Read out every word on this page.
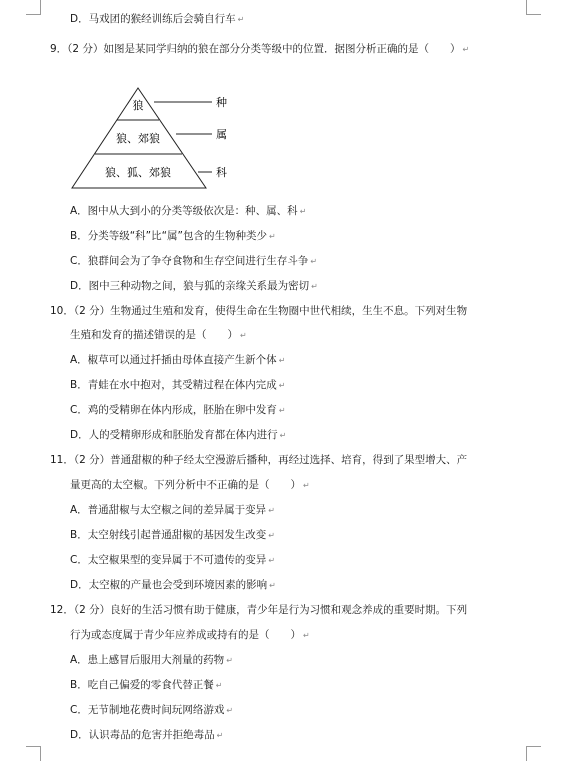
D．马戏团的猴经训练后会骑自行车 ↵
9．（2 分）如图是某同学归纳的狼在部分分类等级中的位置．据图分析正确的是（　　） ↵
狼
狼、郊狼
狼、狐、郊狼
种
属
科
A．图中从大到小的分类等级依次是：种、属、科 ↵
B．分类等级“科”比“属”包含的生物种类少 ↵
C．狼群间会为了争夺食物和生存空间进行生存斗争 ↵
D．图中三种动物之间，狼与狐的亲缘关系最为密切 ↵
10．（2 分）生物通过生殖和发育，使得生命在生物圈中世代相续，生生不息。下列对生物
生殖和发育的描述错误的是（　　） ↵
A．椒草可以通过扦插由母体直接产生新个体 ↵
B．青蛙在水中抱对，其受精过程在体内完成 ↵
C．鸡的受精卵在体内形成，胚胎在卵中发育 ↵
D．人的受精卵形成和胚胎发育都在体内进行 ↵
11．（2 分）普通甜椒的种子经太空漫游后播种，再经过选择、培育，得到了果型增大、产
量更高的太空椒。下列分析中不正确的是（　　） ↵
A．普通甜椒与太空椒之间的差异属于变异 ↵
B．太空射线引起普通甜椒的基因发生改变 ↵
C．太空椒果型的变异属于不可遗传的变异 ↵
D．太空椒的产量也会受到环境因素的影响 ↵
12．（2 分）良好的生活习惯有助于健康，青少年是行为习惯和观念养成的重要时期。下列
行为或态度属于青少年应养成或持有的是（　　） ↵
A．患上感冒后服用大剂量的药物 ↵
B．吃自己偏爱的零食代替正餐 ↵
C．无节制地花费时间玩网络游戏 ↵
D．认识毒品的危害并拒绝毒品 ↵
